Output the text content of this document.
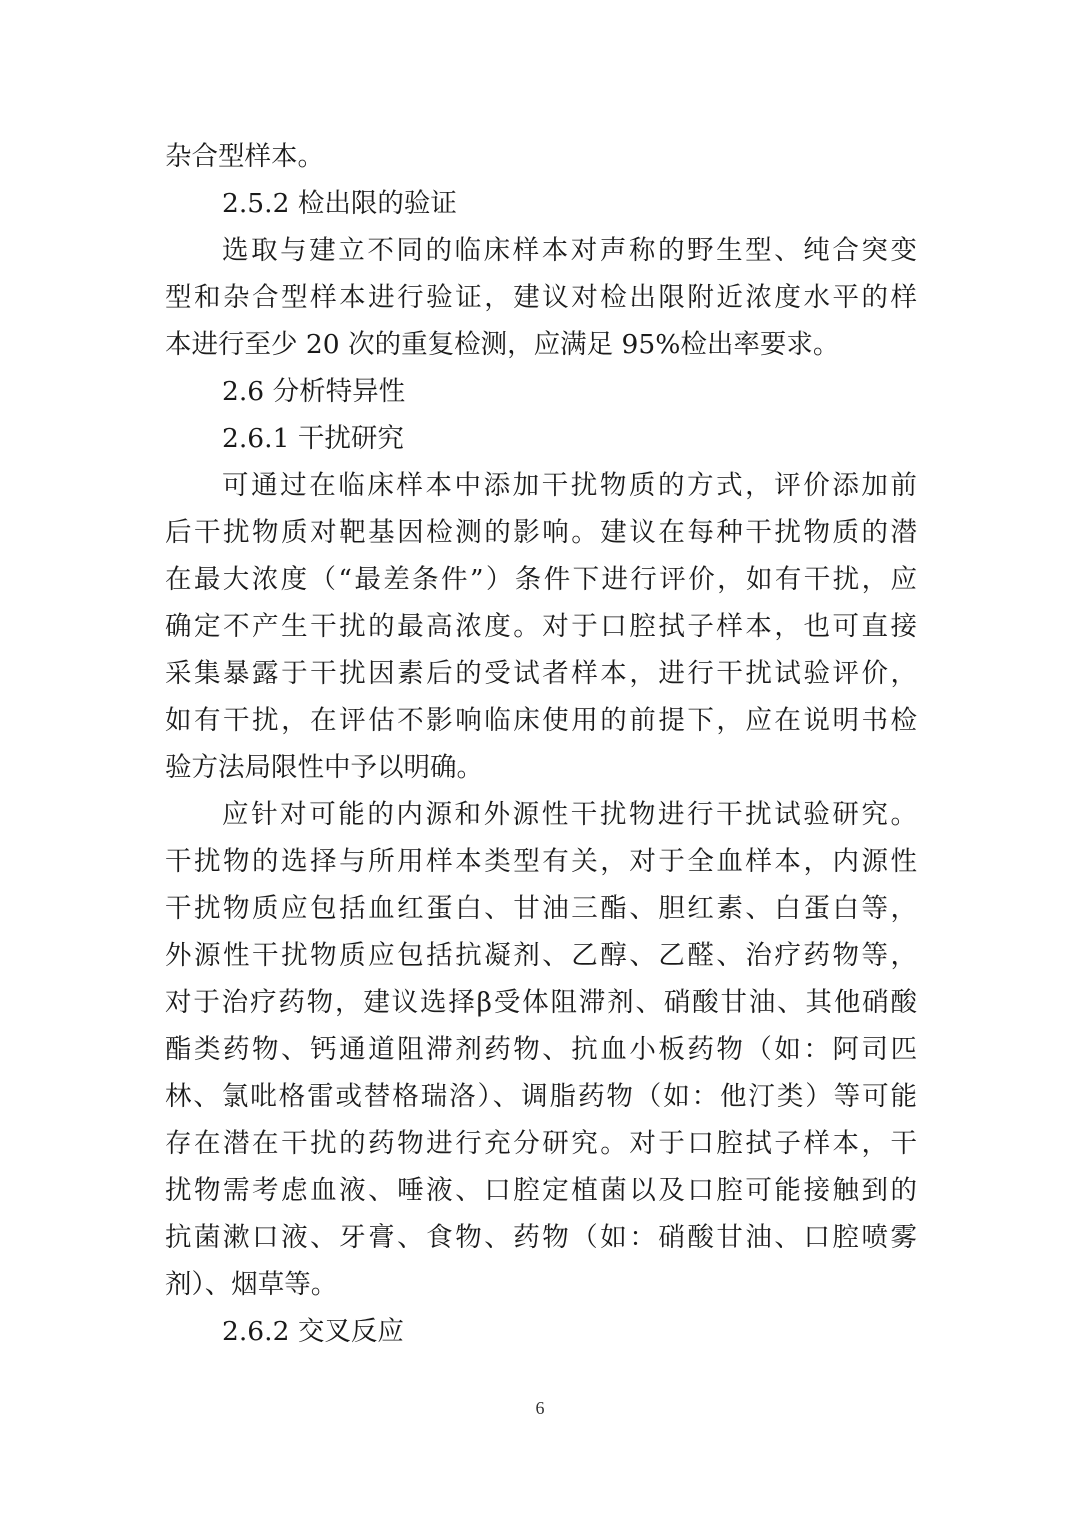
杂合型样本。
2.5.2 检出限的验证
选取与建立不同的临床样本对声称的野生型、纯合突变
型和杂合型样本进行验证，建议对检出限附近浓度水平的样
本进行至少 20 次的重复检测，应满足 95%检出率要求。
2.6 分析特异性
2.6.1 干扰研究
可通过在临床样本中添加干扰物质的方式，评价添加前
后干扰物质对靶基因检测的影响。建议在每种干扰物质的潜
在最大浓度（“最差条件”）条件下进行评价，如有干扰，应
确定不产生干扰的最高浓度。对于口腔拭子样本，也可直接
采集暴露于干扰因素后的受试者样本，进行干扰试验评价，
如有干扰，在评估不影响临床使用的前提下，应在说明书检
验方法局限性中予以明确。
应针对可能的内源和外源性干扰物进行干扰试验研究。
干扰物的选择与所用样本类型有关，对于全血样本，内源性
干扰物质应包括血红蛋白、甘油三酯、胆红素、白蛋白等，
外源性干扰物质应包括抗凝剂、乙醇、乙醛、治疗药物等，
对于治疗药物，建议选择β受体阻滞剂、硝酸甘油、其他硝酸
酯类药物、钙通道阻滞剂药物、抗血小板药物（如：阿司匹
林、氯吡格雷或替格瑞洛）、调脂药物（如：他汀类）等可能
存在潜在干扰的药物进行充分研究。对于口腔拭子样本，干
扰物需考虑血液、唾液、口腔定植菌以及口腔可能接触到的
抗菌漱口液、牙膏、食物、药物（如：硝酸甘油、口腔喷雾
剂）、烟草等。
2.6.2 交叉反应
6
